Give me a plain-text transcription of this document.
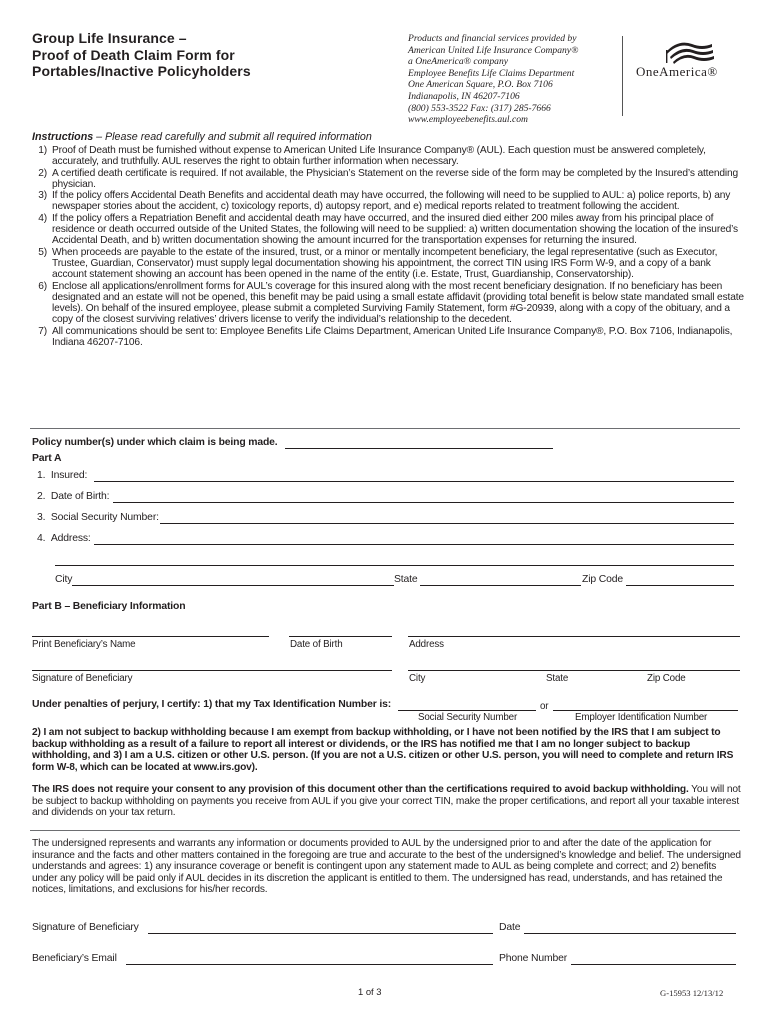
Group Life Insurance –
Proof of Death Claim Form for
Portables/Inactive Policyholders
Products and financial services provided by
American United Life Insurance Company®
a OneAmerica® company
Employee Benefits Life Claims Department
One American Square, P.O. Box 7106
Indianapolis, IN 46207-7106
(800) 553-3522 Fax: (317) 285-7666
www.employeebenefits.aul.com
OneAmerica®
Instructions – Please read carefully and submit all required information
1) Proof of Death must be furnished without expense to American United Life Insurance Company® (AUL). Each question must be answered completely, accurately, and truthfully. AUL reserves the right to obtain further information when necessary.
2) A certified death certificate is required. If not available, the Physician’s Statement on the reverse side of the form may be completed by the Insured’s attending physician.
3) If the policy offers Accidental Death Benefits and accidental death may have occurred, the following will need to be supplied to AUL: a) police reports, b) any newspaper stories about the accident, c) toxicology reports, d) autopsy report, and e) medical reports related to treatment following the accident.
4) If the policy offers a Repatriation Benefit and accidental death may have occurred, and the insured died either 200 miles away from his principal place of residence or death occurred outside of the United States, the following will need to be supplied: a) written documentation showing the location of the insured’s Accidental Death, and b) written documentation showing the amount incurred for the transportation expenses for returning the insured.
5) When proceeds are payable to the estate of the insured, trust, or a minor or mentally incompetent beneficiary, the legal representative (such as Executor, Trustee, Guardian, Conservator) must supply legal documentation showing his appointment, the correct TIN using IRS Form W-9, and a copy of a bank account statement showing an account has been opened in the name of the entity (i.e. Estate, Trust, Guardianship, Conservatorship).
6) Enclose all applications/enrollment forms for AUL’s coverage for this insured along with the most recent beneficiary designation. If no beneficiary has been designated and an estate will not be opened, this benefit may be paid using a small estate affidavit (providing total benefit is below state mandated small estate levels). On behalf of the insured employee, please submit a completed Surviving Family Statement, form #G-20939, along with a copy of the obituary, and a copy of the closest surviving relatives’ drivers license to verify the individual’s relationship to the decedent.
7) All communications should be sent to: Employee Benefits Life Claims Department, American United Life Insurance Company®, P.O. Box 7106, Indianapolis, Indiana 46207-7106.
Policy number(s) under which claim is being made.
Part A
1. Insured:
2. Date of Birth:
3. Social Security Number:
4. Address:
City	State	Zip Code
Part B – Beneficiary Information
Print Beneficiary’s Name	Date of Birth	Address
Signature of Beneficiary	City	State	Zip Code
Under penalties of perjury, I certify: 1) that my Tax Identification Number is:	or
Social Security Number	Employer Identification Number
2) I am not subject to backup withholding because I am exempt from backup withholding, or I have not been notified by the IRS that I am subject to backup withholding as a result of a failure to report all interest or dividends, or the IRS has notified me that I am no longer subject to backup withholding, and 3) I am a U.S. citizen or other U.S. person. (If you are not a U.S. citizen or other U.S. person, you will need to complete and return IRS form W-8, which can be located at www.irs.gov).
The IRS does not require your consent to any provision of this document other than the certifications required to avoid backup withholding. You will not be subject to backup withholding on payments you receive from AUL if you give your correct TIN, make the proper certifications, and report all your taxable interest and dividends on your tax return.
The undersigned represents and warrants any information or documents provided to AUL by the undersigned prior to and after the date of the application for insurance and the facts and other matters contained in the foregoing are true and accurate to the best of the undersigned’s knowledge and belief. The undersigned understands and agrees: 1) any insurance coverage or benefit is contingent upon any statement made to AUL as being complete and correct; and 2) benefits under any policy will be paid only if AUL decides in its discretion the applicant is entitled to them. The undersigned has read, understands, and has retained the notices, limitations, and exclusions for his/her records.
Signature of Beneficiary	Date
Beneficiary’s Email	Phone Number
1 of 3	G-15953 12/13/12
